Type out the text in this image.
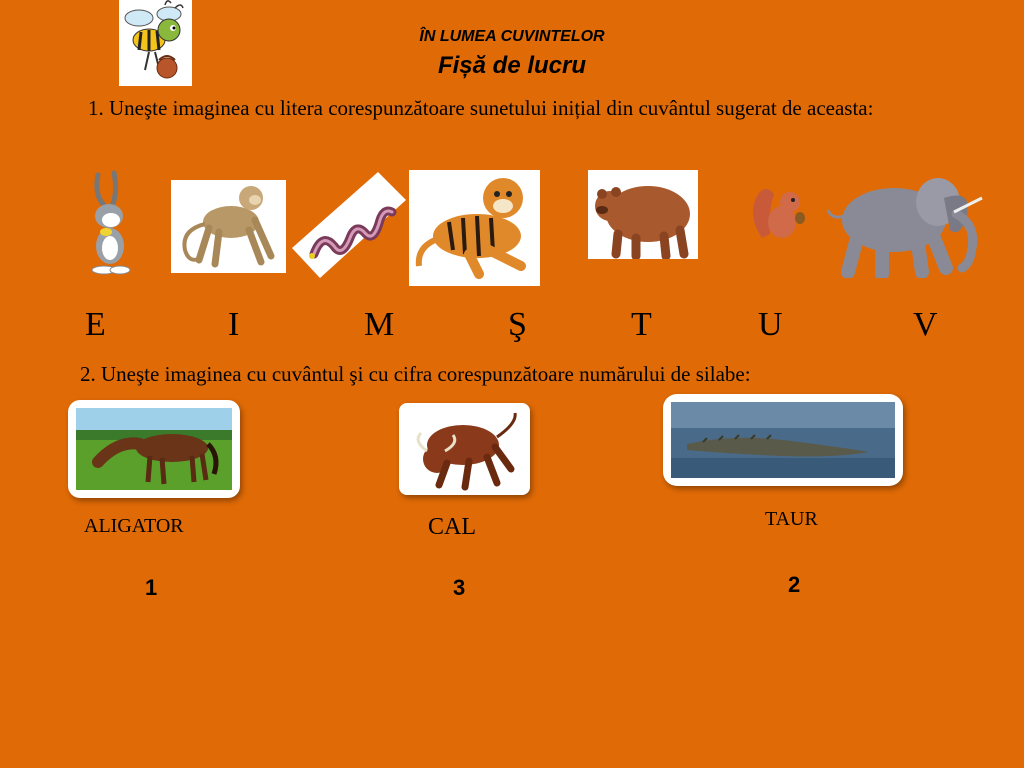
ÎN LUMEA CUVINTELOR
Fișă de lucru
1. Uneşte imaginea cu litera corespunzătoare sunetului inițial din cuvântul sugerat de aceasta:
E	I	M	Ş	T	U	V
2. Uneşte imaginea cu cuvântul şi cu cifra corespunzătoare numărului de silabe:
ALIGATOR	CAL	TAUR
1	3	2
